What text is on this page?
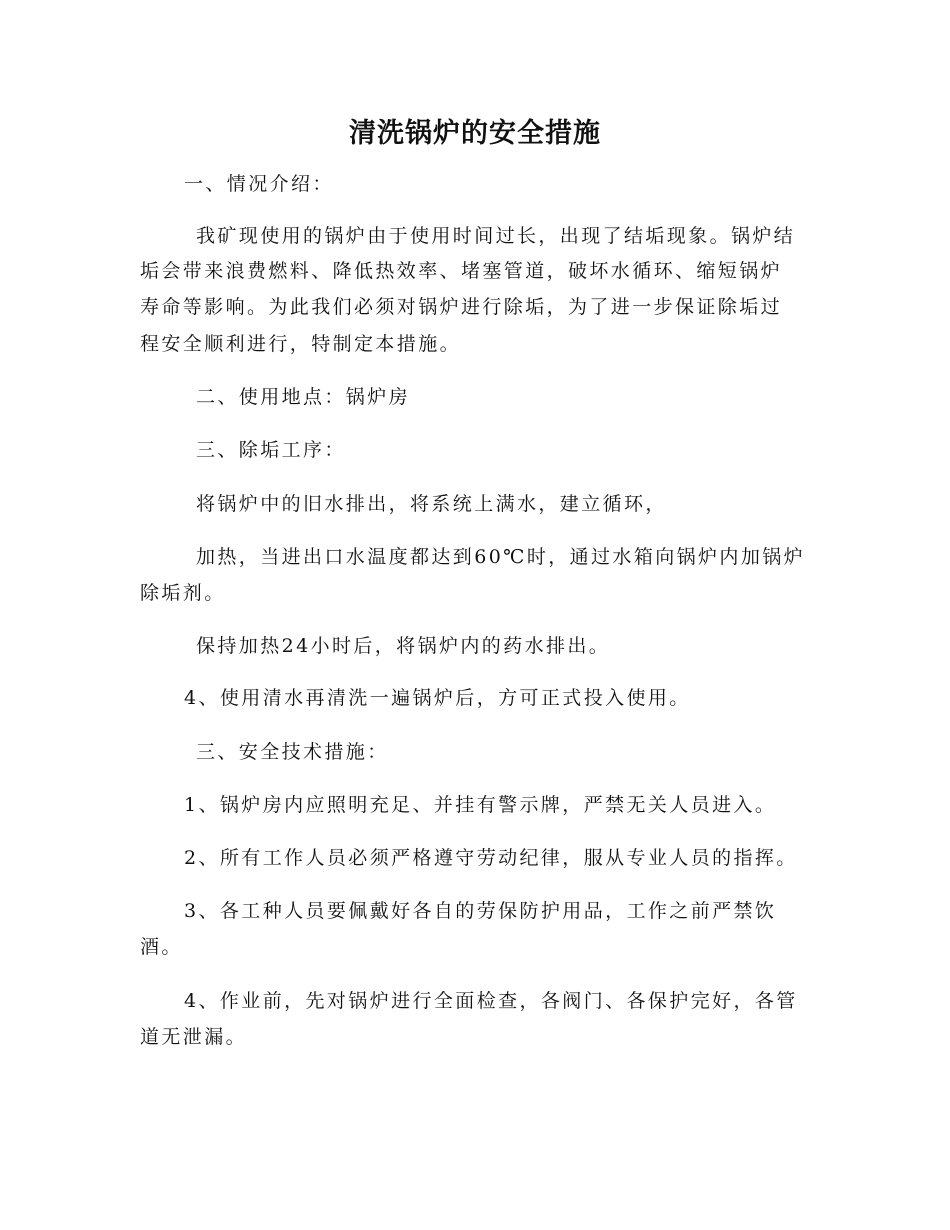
清洗锅炉的安全措施
一、情况介绍：
我矿现使用的锅炉由于使用时间过长，出现了结垢现象。锅炉结
垢会带来浪费燃料、降低热效率、堵塞管道，破坏水循环、缩短锅炉
寿命等影响。为此我们必须对锅炉进行除垢，为了进一步保证除垢过
程安全顺利进行，特制定本措施。
二、使用地点：锅炉房
三、除垢工序：
将锅炉中的旧水排出，将系统上满水，建立循环，
加热，当进出口水温度都达到60℃时，通过水箱向锅炉内加锅炉
除垢剂。
保持加热24小时后，将锅炉内的药水排出。
4、使用清水再清洗一遍锅炉后，方可正式投入使用。
三、安全技术措施：
1、锅炉房内应照明充足、并挂有警示牌，严禁无关人员进入。
2、所有工作人员必须严格遵守劳动纪律，服从专业人员的指挥。
3、各工种人员要佩戴好各自的劳保防护用品，工作之前严禁饮
酒。
4、作业前，先对锅炉进行全面检查，各阀门、各保护完好，各管
道无泄漏。
